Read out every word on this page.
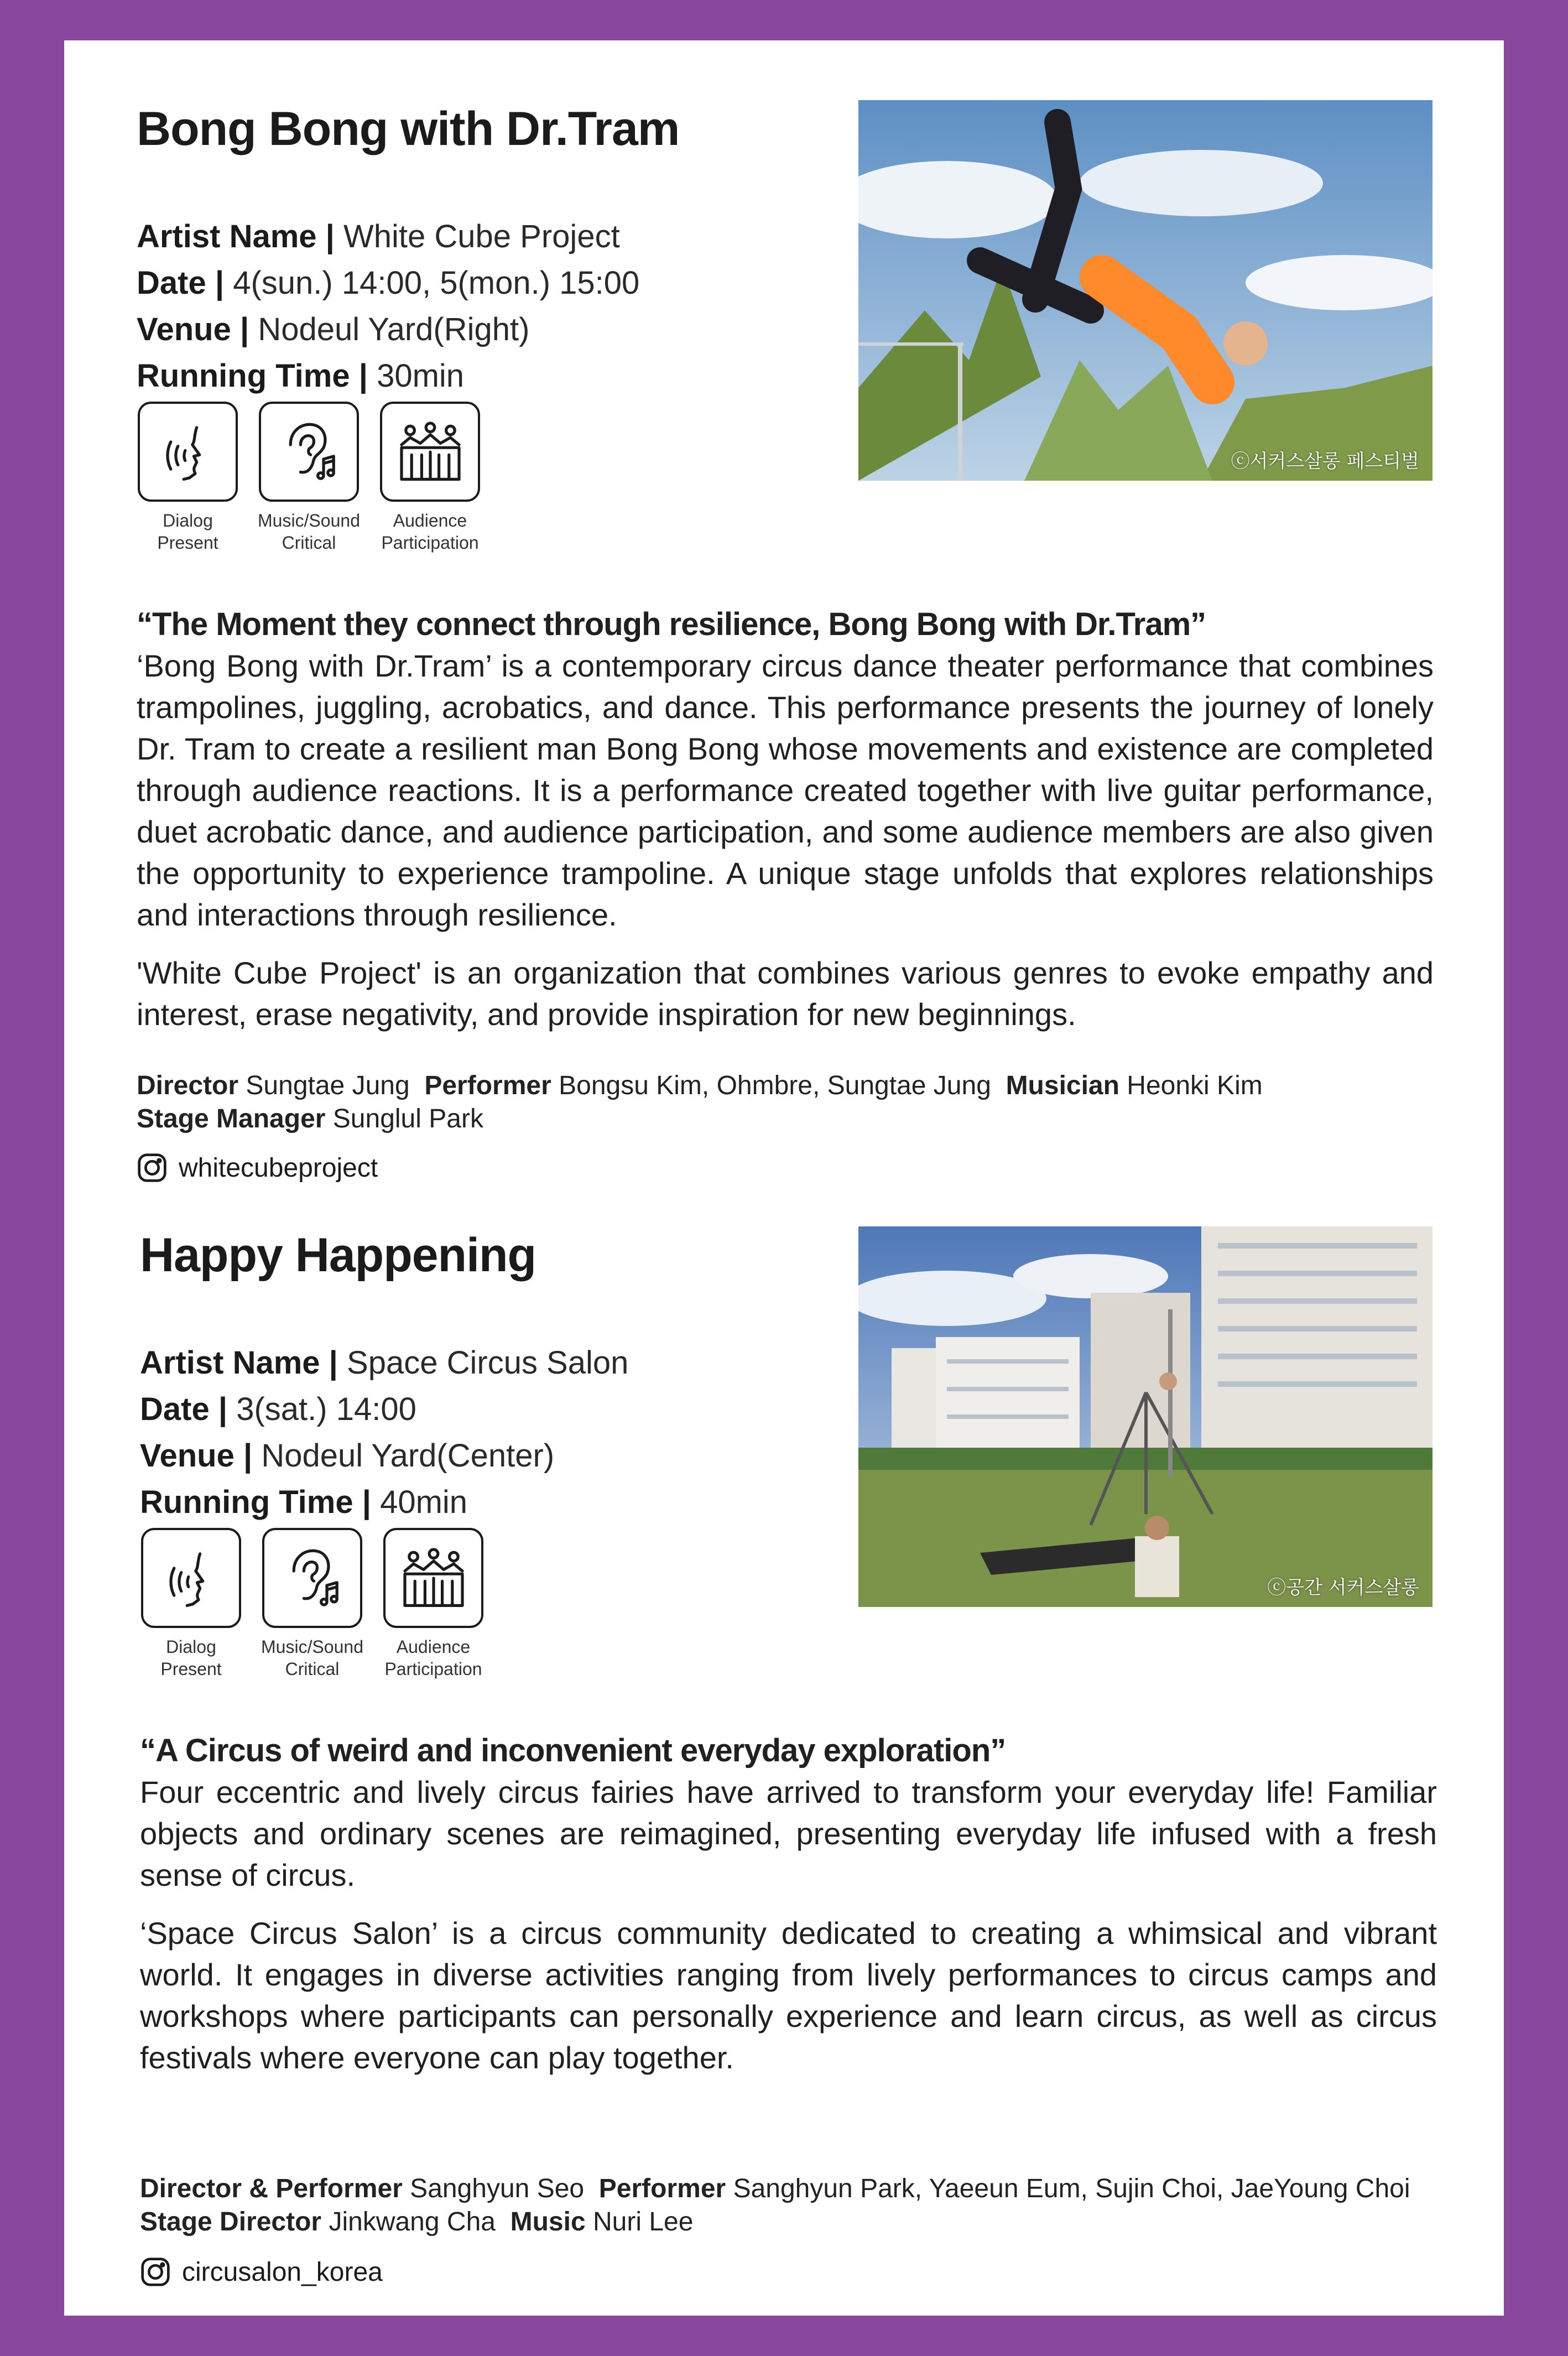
Bong Bong with Dr.Tram
Artist Name | White Cube Project
Date | 4(sun.) 14:00, 5(mon.) 15:00
Venue | Nodeul Yard(Right)
Running Time | 30min
Dialog
Present
Music/Sound
Critical
Audience
Participation
ⓒ서커스살롱 페스티벌
“The Moment they connect through resilience, Bong Bong with Dr.Tram”

‘Bong Bong with Dr.Tram’ is a contemporary circus dance theater performance that combines trampolines, juggling, acrobatics, and dance. This performance presents the journey of lonely Dr. Tram to create a resilient man Bong Bong whose movements and existence are completed through audience reactions. It is a performance created together with live guitar performance, duet acrobatic dance, and audience participation, and some audience members are also given the opportunity to experience trampoline. A unique stage unfolds that explores relationships and interactions through resilience.

'White Cube Project' is an organization that combines various genres to evoke empathy and interest, erase negativity, and provide inspiration for new beginnings.

Director Sungtae Jung Performer Bongsu Kim, Ohmbre, Sungtae Jung Musician Heonki Kim
Stage Manager Sunglul Park
whitecubeproject
Happy Happening
Artist Name | Space Circus Salon
Date | 3(sat.) 14:00
Venue | Nodeul Yard(Center)
Running Time | 40min
Dialog
Present
Music/Sound
Critical
Audience
Participation
ⓒ공간 서커스살롱
“A Circus of weird and inconvenient everyday exploration”

Four eccentric and lively circus fairies have arrived to transform your everyday life! Familiar objects and ordinary scenes are reimagined, presenting everyday life infused with a fresh sense of circus.

‘Space Circus Salon’ is a circus community dedicated to creating a whimsical and vibrant world. It engages in diverse activities ranging from lively performances to circus camps and workshops where participants can personally experience and learn circus, as well as circus festivals where everyone can play together.

Director & Performer Sanghyun Seo Performer Sanghyun Park, Yaeeun Eum, Sujin Choi, JaeYoung Choi
Stage Director Jinkwang Cha Music Nuri Lee
circusalon_korea
